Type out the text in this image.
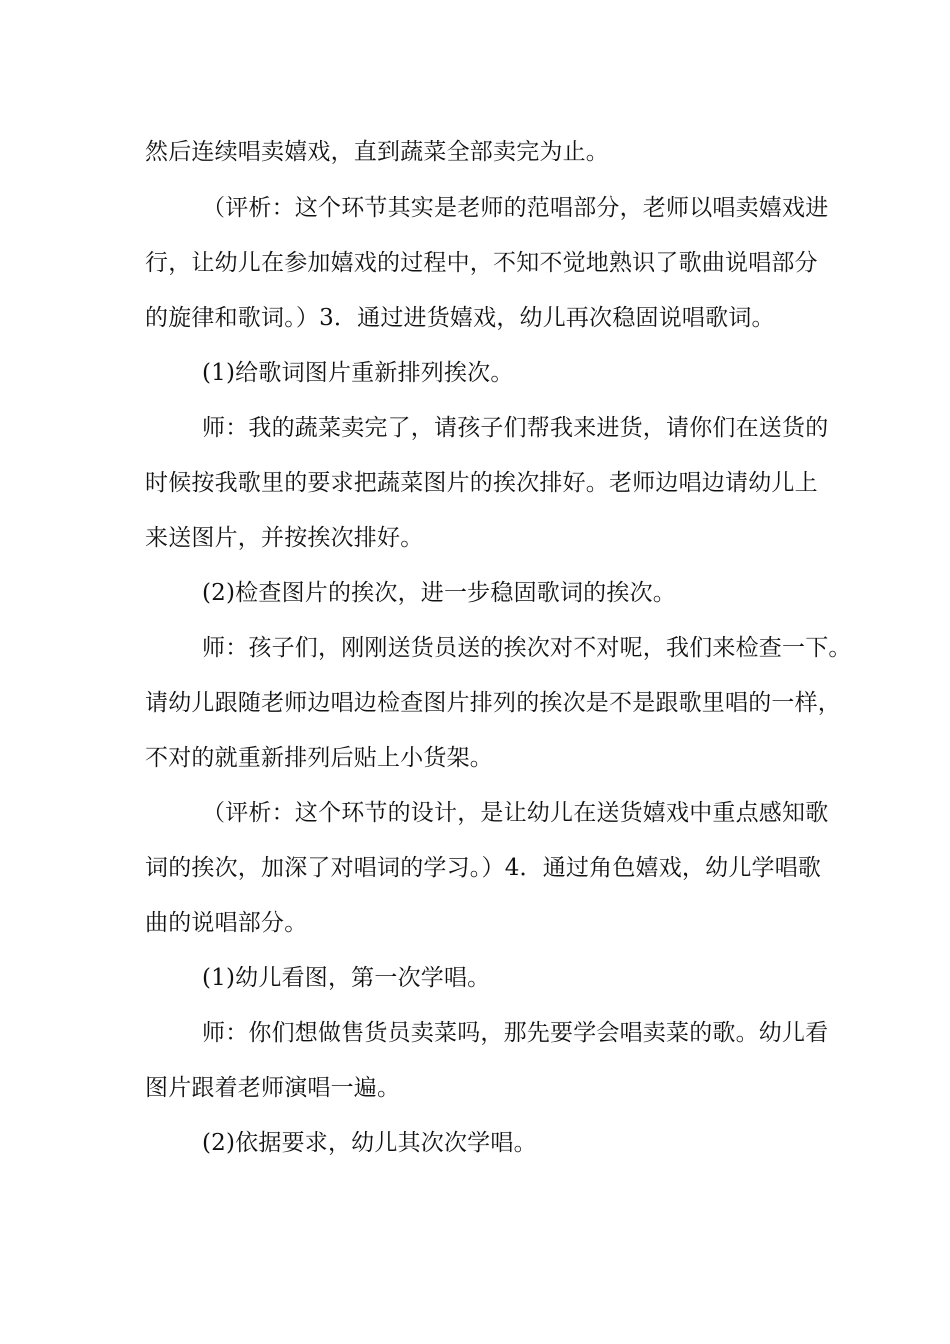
然后连续唱卖嬉戏，直到蔬菜全部卖完为止。
（评析：这个环节其实是老师的范唱部分，老师以唱卖嬉戏进
行，让幼儿在参加嬉戏的过程中，不知不觉地熟识了歌曲说唱部分
的旋律和歌词。）3．通过进货嬉戏，幼儿再次稳固说唱歌词。
(1)给歌词图片重新排列挨次。
师：我的蔬菜卖完了，请孩子们帮我来进货，请你们在送货的
时候按我歌里的要求把蔬菜图片的挨次排好。老师边唱边请幼儿上
来送图片，并按挨次排好。
(2)检查图片的挨次，进一步稳固歌词的挨次。
师：孩子们，刚刚送货员送的挨次对不对呢，我们来检查一下。
请幼儿跟随老师边唱边检查图片排列的挨次是不是跟歌里唱的一样，
不对的就重新排列后贴上小货架。
（评析：这个环节的设计，是让幼儿在送货嬉戏中重点感知歌
词的挨次，加深了对唱词的学习。）4．通过角色嬉戏，幼儿学唱歌
曲的说唱部分。
(1)幼儿看图，第一次学唱。
师：你们想做售货员卖菜吗，那先要学会唱卖菜的歌。幼儿看
图片跟着老师演唱一遍。
(2)依据要求，幼儿其次次学唱。
